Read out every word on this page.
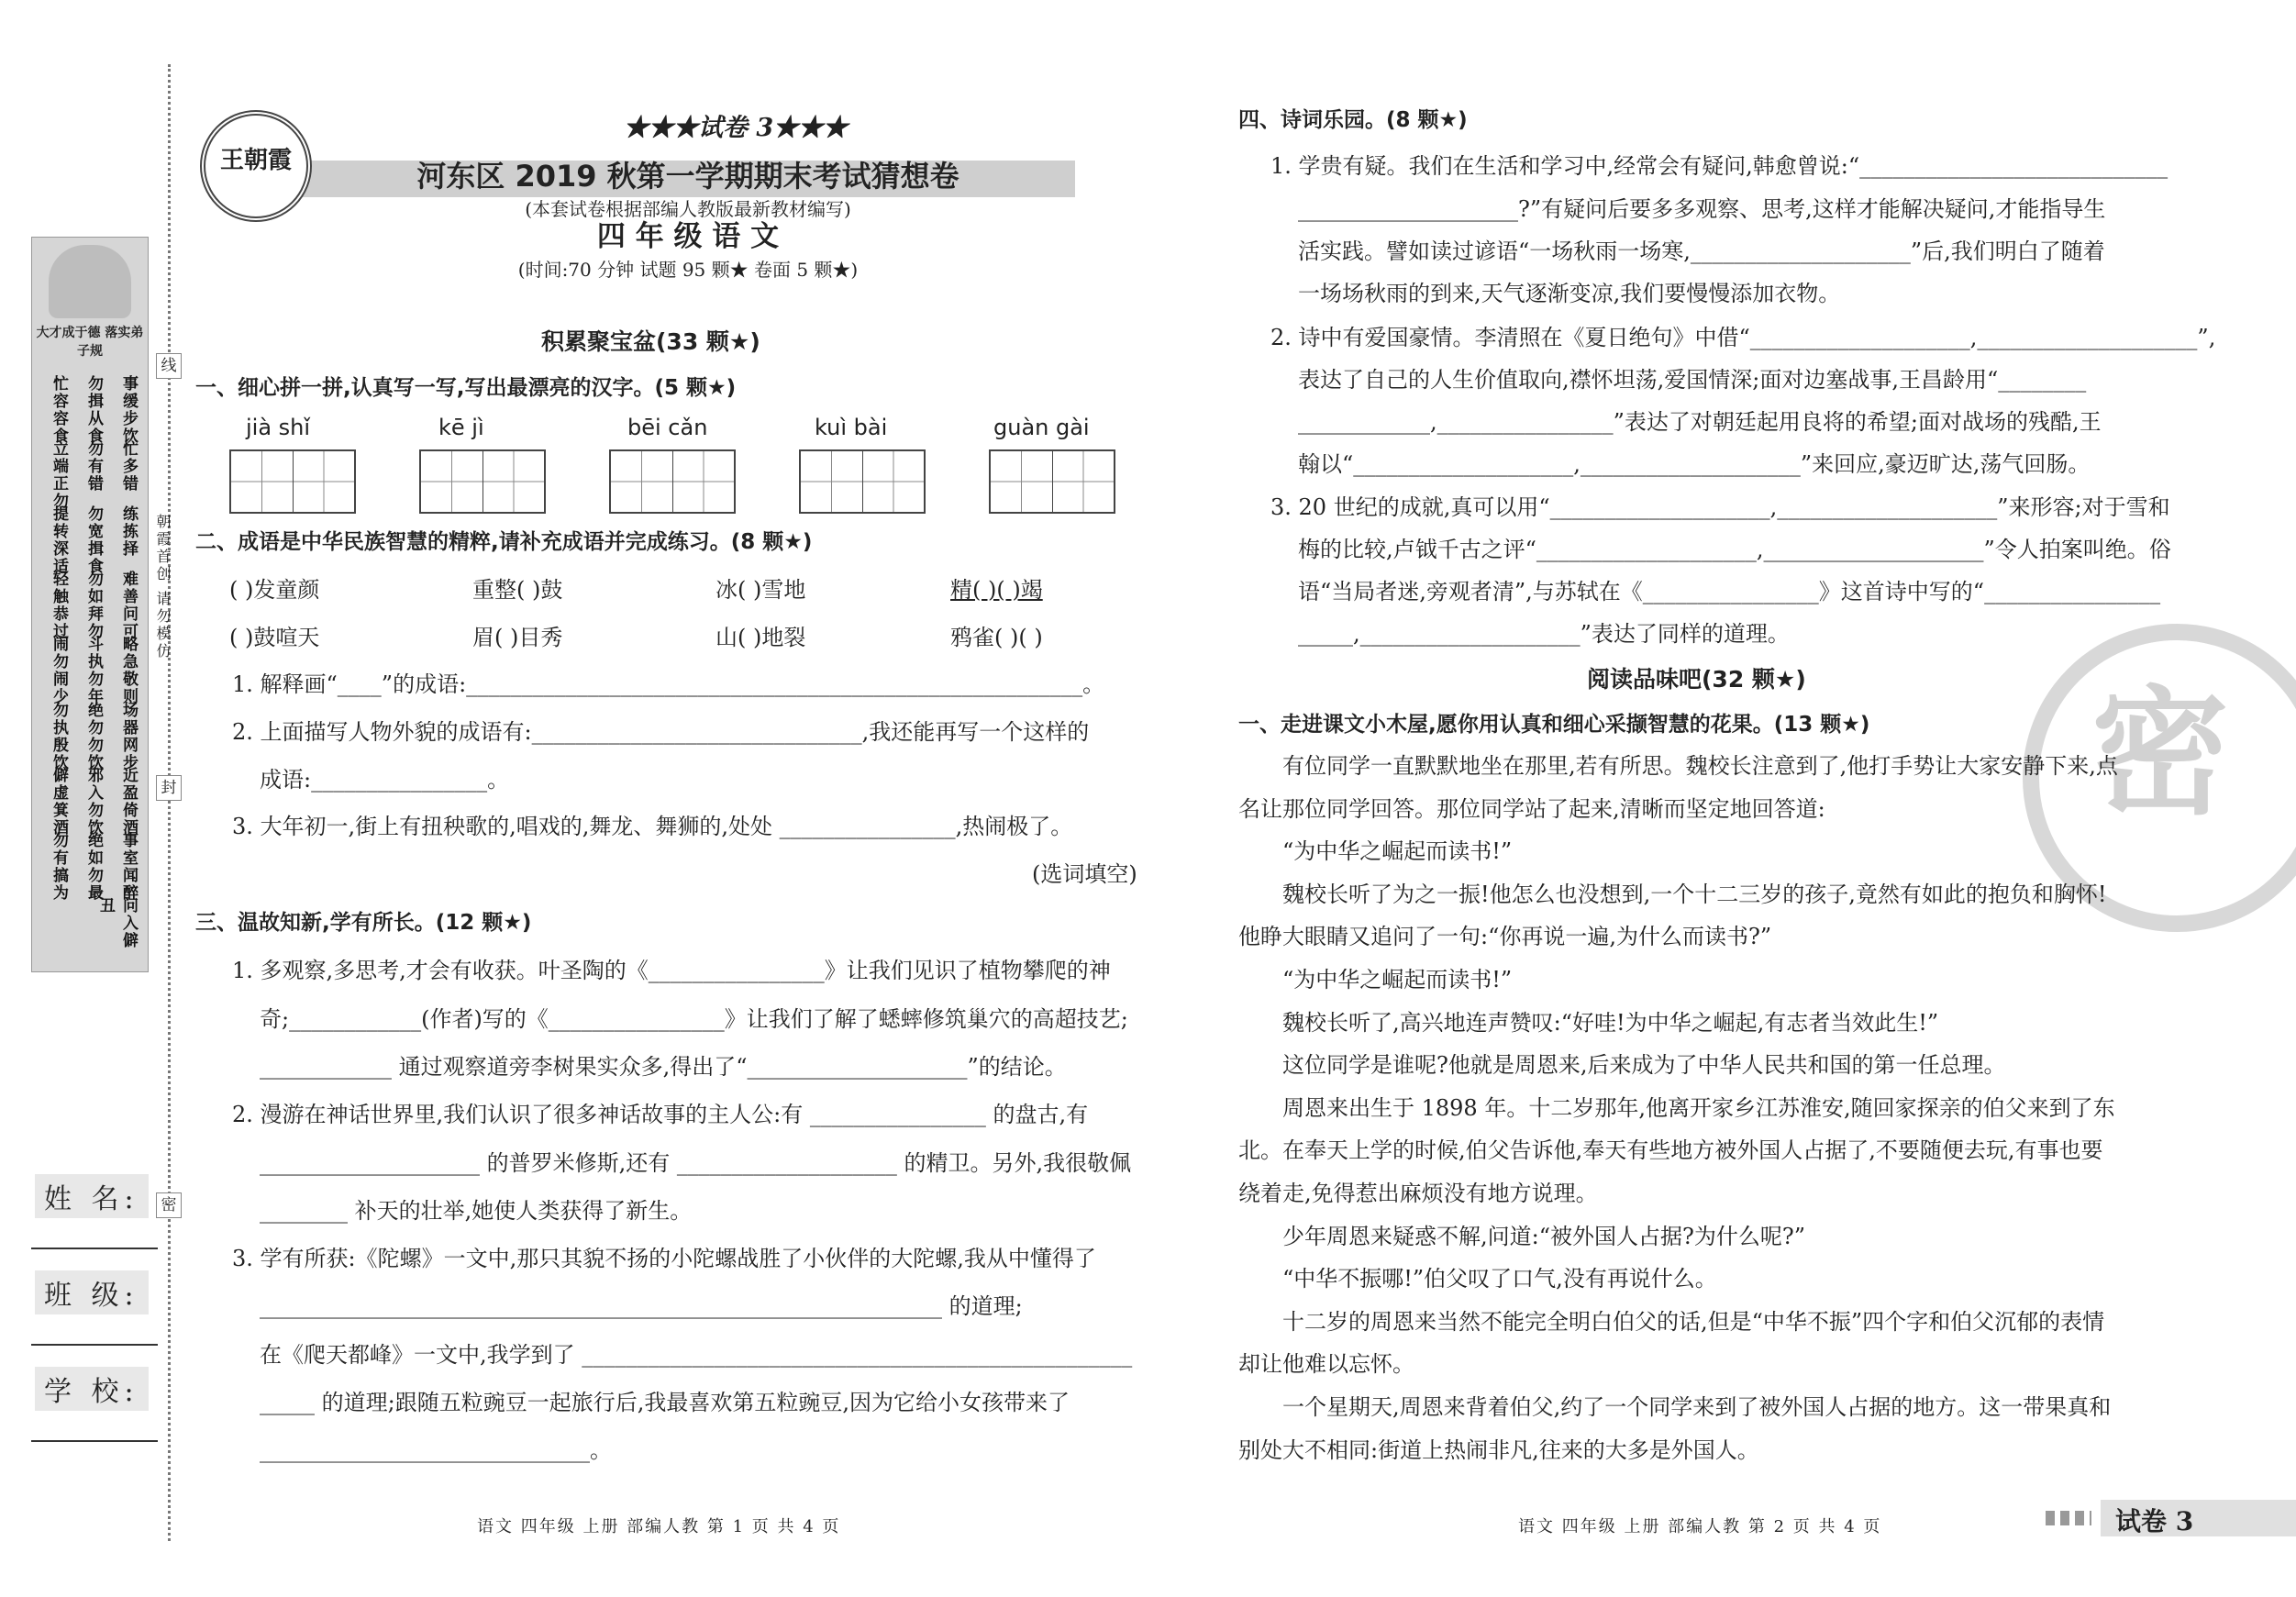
线
封
密
朝霞首创 请勿模仿
大才成于德 落实弟子规
事缓步饮
勿揖从食
忙容容食
忙多错
勿有错
立端正勿
练拣择
勿宽揖食
提转深适
难善问可
勿如拜勿
轻触恭过
略急敬则
斗执勿年
闹勿闹少
场器网步
绝勿勿饮
勿执殷饮
近盈倚酒
邪入勿饮
僻虚箕酒
事室闻醉
绝如勿最
勿有搞为
问入僻丑
姓 名:
班 级:
学 校:
王朝霞
★★★试卷 3★★★
河东区 2019 秋第一学期期末考试猜想卷
(本套试卷根据部编人教版最新教材编写)
四 年 级 语 文
(时间:70 分钟 试题 95 颗★ 卷面 5 颗★)
积累聚宝盆(33 颗★)
一、细心拼一拼,认真写一写,写出最漂亮的汉字。(5 颗★)
jià shǐ	kē jì	bēi cǎn	kuì bài	guàn gài
二、成语是中华民族智慧的精粹,请补充成语并完成练习。(8 颗★)
( )发童颜	重整( )鼓	冰( )雪地	精( )( )竭
( )鼓喧天	眉( )目秀	山( )地裂	鸦雀( )( )
1. 解释画“____”的成语:________________________________________________________。
2. 上面描写人物外貌的成语有:______________________________,我还能再写一个这样的
成语:________________。
3. 大年初一,街上有扭秧歌的,唱戏的,舞龙、舞狮的,处处 ________________,热闹极了。
(选词填空)
三、温故知新,学有所长。(12 颗★)
1. 多观察,多思考,才会有收获。叶圣陶的《________________》让我们见识了植物攀爬的神
奇;____________(作者)写的《________________》让我们了解了蟋蟀修筑巢穴的高超技艺;
____________ 通过观察道旁李树果实众多,得出了“____________________”的结论。
2. 漫游在神话世界里,我们认识了很多神话故事的主人公:有 ________________ 的盘古,有
____________________ 的普罗米修斯,还有 ____________________ 的精卫。另外,我很敬佩
________ 补天的壮举,她使人类获得了新生。
3. 学有所获:《陀螺》一文中,那只其貌不扬的小陀螺战胜了小伙伴的大陀螺,我从中懂得了
______________________________________________________________ 的道理;
在《爬天都峰》一文中,我学到了 __________________________________________________
_____ 的道理;跟随五粒豌豆一起旅行后,我最喜欢第五粒豌豆,因为它给小女孩带来了
______________________________。
语文 四年级 上册 部编人教 第 1 页 共 4 页
密
四、诗词乐园。(8 颗★)
1. 学贵有疑。我们在生活和学习中,经常会有疑问,韩愈曾说:“____________________________
____________________?”有疑问后要多多观察、思考,这样才能解决疑问,才能指导生
活实践。譬如读过谚语“一场秋雨一场寒,____________________”后,我们明白了随着
一场场秋雨的到来,天气逐渐变凉,我们要慢慢添加衣物。
2. 诗中有爱国豪情。李清照在《夏日绝句》中借“____________________,____________________”,
表达了自己的人生价值取向,襟怀坦荡,爱国情深;面对边塞战事,王昌龄用“________
____________,________________”表达了对朝廷起用良将的希望;面对战场的残酷,王
翰以“____________________,____________________”来回应,豪迈旷达,荡气回肠。
3. 20 世纪的成就,真可以用“____________________,____________________”来形容;对于雪和
梅的比较,卢钺千古之评“____________________,____________________”令人拍案叫绝。俗
语“当局者迷,旁观者清”,与苏轼在《________________》这首诗中写的“________________
_____,____________________”表达了同样的道理。
阅读品味吧(32 颗★)
一、走进课文小木屋,愿你用认真和细心采撷智慧的花果。(13 颗★)
有位同学一直默默地坐在那里,若有所思。魏校长注意到了,他打手势让大家安静下来,点
名让那位同学回答。那位同学站了起来,清晰而坚定地回答道:
“为中华之崛起而读书!”
魏校长听了为之一振!他怎么也没想到,一个十二三岁的孩子,竟然有如此的抱负和胸怀!
他睁大眼睛又追问了一句:“你再说一遍,为什么而读书?”
“为中华之崛起而读书!”
魏校长听了,高兴地连声赞叹:“好哇!为中华之崛起,有志者当效此生!”
这位同学是谁呢?他就是周恩来,后来成为了中华人民共和国的第一任总理。
周恩来出生于 1898 年。十二岁那年,他离开家乡江苏淮安,随回家探亲的伯父来到了东
北。在奉天上学的时候,伯父告诉他,奉天有些地方被外国人占据了,不要随便去玩,有事也要
绕着走,免得惹出麻烦没有地方说理。
少年周恩来疑惑不解,问道:“被外国人占据?为什么呢?”
“中华不振哪!”伯父叹了口气,没有再说什么。
十二岁的周恩来当然不能完全明白伯父的话,但是“中华不振”四个字和伯父沉郁的表情
却让他难以忘怀。
一个星期天,周恩来背着伯父,约了一个同学来到了被外国人占据的地方。这一带果真和
别处大不相同:街道上热闹非凡,往来的大多是外国人。
语文 四年级 上册 部编人教 第 2 页 共 4 页	试卷 3
